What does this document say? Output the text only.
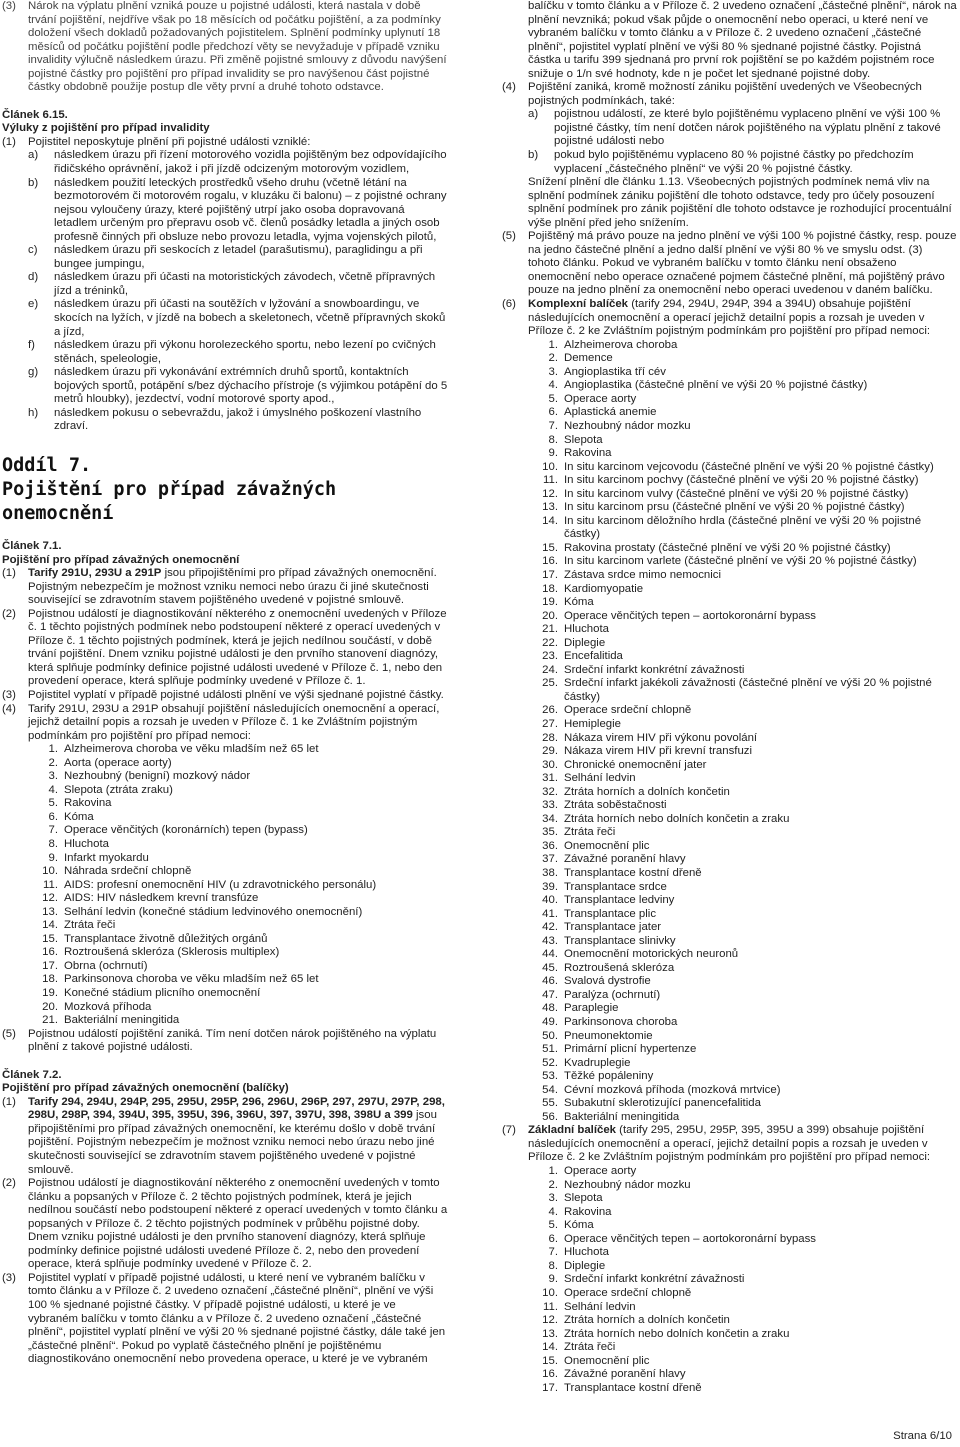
(3) Nárok na výplatu plnění vzniká pouze u pojistné události, která nastala v době trvání pojištění, nejdříve však po 18 měsících od počátku pojištění, a za podmínky doložení všech dokladů požadovaných pojistitelem. Splnění podmínky uplynutí 18 měsíců od počátku pojištění podle předchozí věty se nevyžaduje v případě vzniku invalidity výlučně následkem úrazu. Při změně pojistné smlouvy z důvodu navýšení pojistné částky pro pojištění pro případ invalidity se pro navýšenou část pojistné částky obdobně použije postup dle věty první a druhé tohoto odstavce.

Článek 6.15.

Výluky z pojištění pro případ invalidity

(1) Pojistitel neposkytuje plnění při pojistné události vzniklé:
a) následkem úrazu při řízení motorového vozidla pojištěným bez odpovídajícího řidičského oprávnění, jakož i při jízdě odcizeným motorovým vozidlem,
b) následkem použití leteckých prostředků všeho druhu (včetně létání na bezmotorovém či motorovém rogalu, v kluzáku či balonu) – z pojistné ochrany nejsou vyloučeny úrazy, které pojištěný utrpí jako osoba dopravovaná letadlem určeným pro přepravu osob vč. členů posádky letadla a jiných osob profesně činných při obsluze nebo provozu letadla, vyjma vojenských pilotů,
c) následkem úrazu při seskocích z letadel (parašutismu), paraglidingu a při bungee jumpingu,
d) následkem úrazu při účasti na motoristických závodech, včetně přípravných jízd a tréninků,
e) následkem úrazu při účasti na soutěžích v lyžování a snowboardingu, ve skocích na lyžích, v jízdě na bobech a skeletonech, včetně přípravných skoků a jízd,
f) následkem úrazu při výkonu horolezeckého sportu, nebo lezení po cvičných stěnách, speleologie,
g) následkem úrazu při vykonávání extrémních druhů sportů, kontaktních bojových sportů, potápění s/bez dýchacího přístroje (s výjimkou potápění do 5 metrů hloubky), jezdectví, vodní motorové sporty apod.,
h) následkem pokusu o sebevraždu, jakož i úmyslného poškození vlastního zdraví.

Oddíl 7.

Pojištění pro případ závažných onemocnění

Článek 7.1.

Pojištění pro případ závažných onemocnění

(1) Tarify 291U, 293U a 291P jsou připojištěními pro případ závažných onemocnění. Pojistným nebezpečím je možnost vzniku nemoci nebo úrazu či jiné skutečnosti související se zdravotním stavem pojištěného uvedené v pojistné smlouvě.
(2) Pojistnou událostí je diagnostikování některého z onemocnění uvedených v Příloze č. 1 těchto pojistných podmínek nebo podstoupení některé z operací uvedených v Příloze č. 1 těchto pojistných podmínek, která je jejich nedílnou součástí, v době trvání pojištění. Dnem vzniku pojistné události je den prvního stanovení diagnózy, která splňuje podmínky definice pojistné události uvedené v Příloze č. 1, nebo den provedení operace, která splňuje podmínky uvedené v Příloze č. 1.
(3) Pojistitel vyplatí v případě pojistné události plnění ve výši sjednané pojistné částky.
(4) Tarify 291U, 293U a 291P obsahují pojištění následujících onemocnění a operací, jejichž detailní popis a rozsah je uveden v Příloze č. 1 ke Zvláštním pojistným podmínkám pro pojištění pro případ nemoci:
1. Alzheimerova choroba ve věku mladším než 65 let
2. Aorta (operace aorty)
3. Nezhoubný (benigní) mozkový nádor
4. Slepota (ztráta zraku)
5. Rakovina
6. Kóma
7. Operace věnčitých (koronárních) tepen (bypass)
8. Hluchota
9. Infarkt myokardu
10. Náhrada srdeční chlopně
11. AIDS: profesní onemocnění HIV (u zdravotnického personálu)
12. AIDS: HIV následkem krevní transfúze
13. Selhání ledvin (konečné stádium ledvinového onemocnění)
14. Ztráta řeči
15. Transplantace životně důležitých orgánů
16. Roztroušená skleróza (Sklerosis multiplex)
17. Obrna (ochrnutí)
18. Parkinsonova choroba ve věku mladším než 65 let
19. Konečné stádium plicního onemocnění
20. Mozková příhoda
21. Bakteriální meningitida
(5) Pojistnou událostí pojištění zaniká. Tím není dotčen nárok pojištěného na výplatu plnění z takové pojistné události.

Článek 7.2.

Pojištění pro případ závažných onemocnění (balíčky)

(1) Tarify 294, 294U, 294P, 295, 295U, 295P, 296, 296U, 296P, 297, 297U, 297P, 298, 298U, 298P, 394, 394U, 395, 395U, 396, 396U, 397, 397U, 398, 398U a 399 jsou připojištěními pro případ závažných onemocnění, ke kterému došlo v době trvání pojištění. Pojistným nebezpečím je možnost vzniku nemoci nebo úrazu nebo jiné skutečnosti související se zdravotním stavem pojištěného uvedené v pojistné smlouvě.
(2) Pojistnou událostí je diagnostikování některého z onemocnění uvedených v tomto článku a popsaných v Příloze č. 2 těchto pojistných podmínek, která je jejich nedílnou součástí nebo podstoupení některé z operací uvedených v tomto článku a popsaných v Příloze č. 2 těchto pojistných podmínek v průběhu pojistné doby. Dnem vzniku pojistné události je den prvního stanovení diagnózy, která splňuje podmínky definice pojistné události uvedené Příloze č. 2, nebo den provedení operace, která splňuje podmínky uvedené v Příloze č. 2.
(3) Pojistitel vyplatí v případě pojistné události, u které není ve vybraném balíčku v tomto článku a v Příloze č. 2 uvedeno označení „částečné plnění“, plnění ve výši 100 % sjednané pojistné částky. V případě pojistné události, u které je ve vybraném balíčku v tomto článku a v Příloze č. 2 uvedeno označení „částečné plnění“, pojistitel vyplatí plnění ve výši 20 % sjednané pojistné částky, dále také jen „částečné plnění“. Pokud po vyplatě částečného plnění je pojištěnému diagnostikováno onemocnění nebo provedena operace, u které je ve vybraném
balíčku v tomto článku a v Příloze č. 2 uvedeno označení „částečné plnění“, nárok na plnění nevzniká; pokud však půjde o onemocnění nebo operaci, u které není ve vybraném balíčku v tomto článku a v Příloze č. 2 uvedeno označení „částečné plnění“, pojistitel vyplatí plnění ve výši 80 % sjednané pojistné částky. Pojistná částka u tarifu 399 sjednaná pro první rok pojištění se po každém pojistném roce snižuje o 1/n své hodnoty, kde n je počet let sjednané pojistné doby.
(4) Pojištění zaniká, kromě možností zániku pojištění uvedených ve Všeobecných pojistných podmínkách, také:
a) pojistnou událostí, ze které bylo pojištěnému vyplaceno plnění ve výši 100 % pojistné částky, tím není dotčen nárok pojištěného na výplatu plnění z takové pojistné události nebo
b) pokud bylo pojištěnému vyplaceno 80 % pojistné částky po předchozím vyplacení „částečného plnění“ ve výši 20 % pojistné částky.
Snížení plnění dle článku 1.13. Všeobecných pojistných podmínek nemá vliv na splnění podmínek zániku pojištění dle tohoto odstavce, tedy pro účely posouzení splnění podmínek pro zánik pojištění dle tohoto odstavce je rozhodující procentuální výše plnění před jeho snížením.
(5) Pojištěný má právo pouze na jedno plnění ve výši 100 % pojistné částky, resp. pouze na jedno částečné plnění a jedno další plnění ve výši 80 % ve smyslu odst. (3) tohoto článku. Pokud ve vybraném balíčku v tomto článku není obsaženo onemocnění nebo operace označené pojmem částečné plnění, má pojištěný právo pouze na jedno plnění za onemocnění nebo operaci uvedenou v daném balíčku.
(6) Komplexní balíček (tarify 294, 294U, 294P, 394 a 394U) obsahuje pojištění následujících onemocnění a operací jejichž detailní popis a rozsah je uveden v Příloze č. 2 ke Zvláštním pojistným podmínkám pro pojištění pro případ nemoci:
1. Alzheimerova choroba
2. Demence
3. Angioplastika tří cév
4. Angioplastika (částečné plnění ve výši 20 % pojistné částky)
5. Operace aorty
6. Aplastická anemie
7. Nezhoubný nádor mozku
8. Slepota
9. Rakovina
10. In situ karcinom vejcovodu (částečné plnění ve výši 20 % pojistné částky)
11. In situ karcinom pochvy (částečné plnění ve výši 20 % pojistné částky)
12. In situ karcinom vulvy (částečné plnění ve výši 20 % pojistné částky)
13. In situ karcinom prsu (částečné plnění ve výši 20 % pojistné částky)
14. In situ karcinom děložního hrdla (částečné plnění ve výši 20 % pojistné částky)
15. Rakovina prostaty (částečné plnění ve výši 20 % pojistné částky)
16. In situ karcinom varlete (částečné plnění ve výši 20 % pojistné částky)
17. Zástava srdce mimo nemocnici
18. Kardiomyopatie
19. Kóma
20. Operace věnčitých tepen – aortokoronární bypass
21. Hluchota
22. Diplegie
23. Encefalitida
24. Srdeční infarkt konkrétní závažnosti
25. Srdeční infarkt jakékoli závažnosti (částečné plnění ve výši 20 % pojistné částky)
26. Operace srdeční chlopně
27. Hemiplegie
28. Nákaza virem HIV při výkonu povolání
29. Nákaza virem HIV při krevní transfuzi
30. Chronické onemocnění jater
31. Selhání ledvin
32. Ztráta horních a dolních končetin
33. Ztráta soběstačnosti
34. Ztráta horních nebo dolních končetin a zraku
35. Ztráta řeči
36. Onemocnění plic
37. Závažné poranění hlavy
38. Transplantace kostní dřeně
39. Transplantace srdce
40. Transplantace ledviny
41. Transplantace plic
42. Transplantace jater
43. Transplantace slinivky
44. Onemocnění motorických neuronů
45. Roztroušená skleróza
46. Svalová dystrofie
47. Paralýza (ochrnutí)
48. Paraplegie
49. Parkinsonova choroba
50. Pneumonektomie
51. Primární plicní hypertenze
52. Kvadruplegie
53. Těžké popáleniny
54. Cévní mozková příhoda (mozková mrtvice)
55. Subakutní sklerotizující panencefalitida
56. Bakteriální meningitida
(7) Základní balíček (tarify 295, 295U, 295P, 395, 395U a 399) obsahuje pojištění následujících onemocnění a operací, jejichž detailní popis a rozsah je uveden v Příloze č. 2 ke Zvláštním pojistným podmínkám pro pojištění pro případ nemoci:
1. Operace aorty
2. Nezhoubný nádor mozku
3. Slepota
4. Rakovina
5. Kóma
6. Operace věnčitých tepen – aortokoronární bypass
7. Hluchota
8. Diplegie
9. Srdeční infarkt konkrétní závažnosti
10. Operace srdeční chlopně
11. Selhání ledvin
12. Ztráta horních a dolních končetin
13. Ztráta horních nebo dolních končetin a zraku
14. Ztráta řeči
15. Onemocnění plic
16. Závažné poranění hlavy
17. Transplantace kostní dřeně
Strana 6/10
